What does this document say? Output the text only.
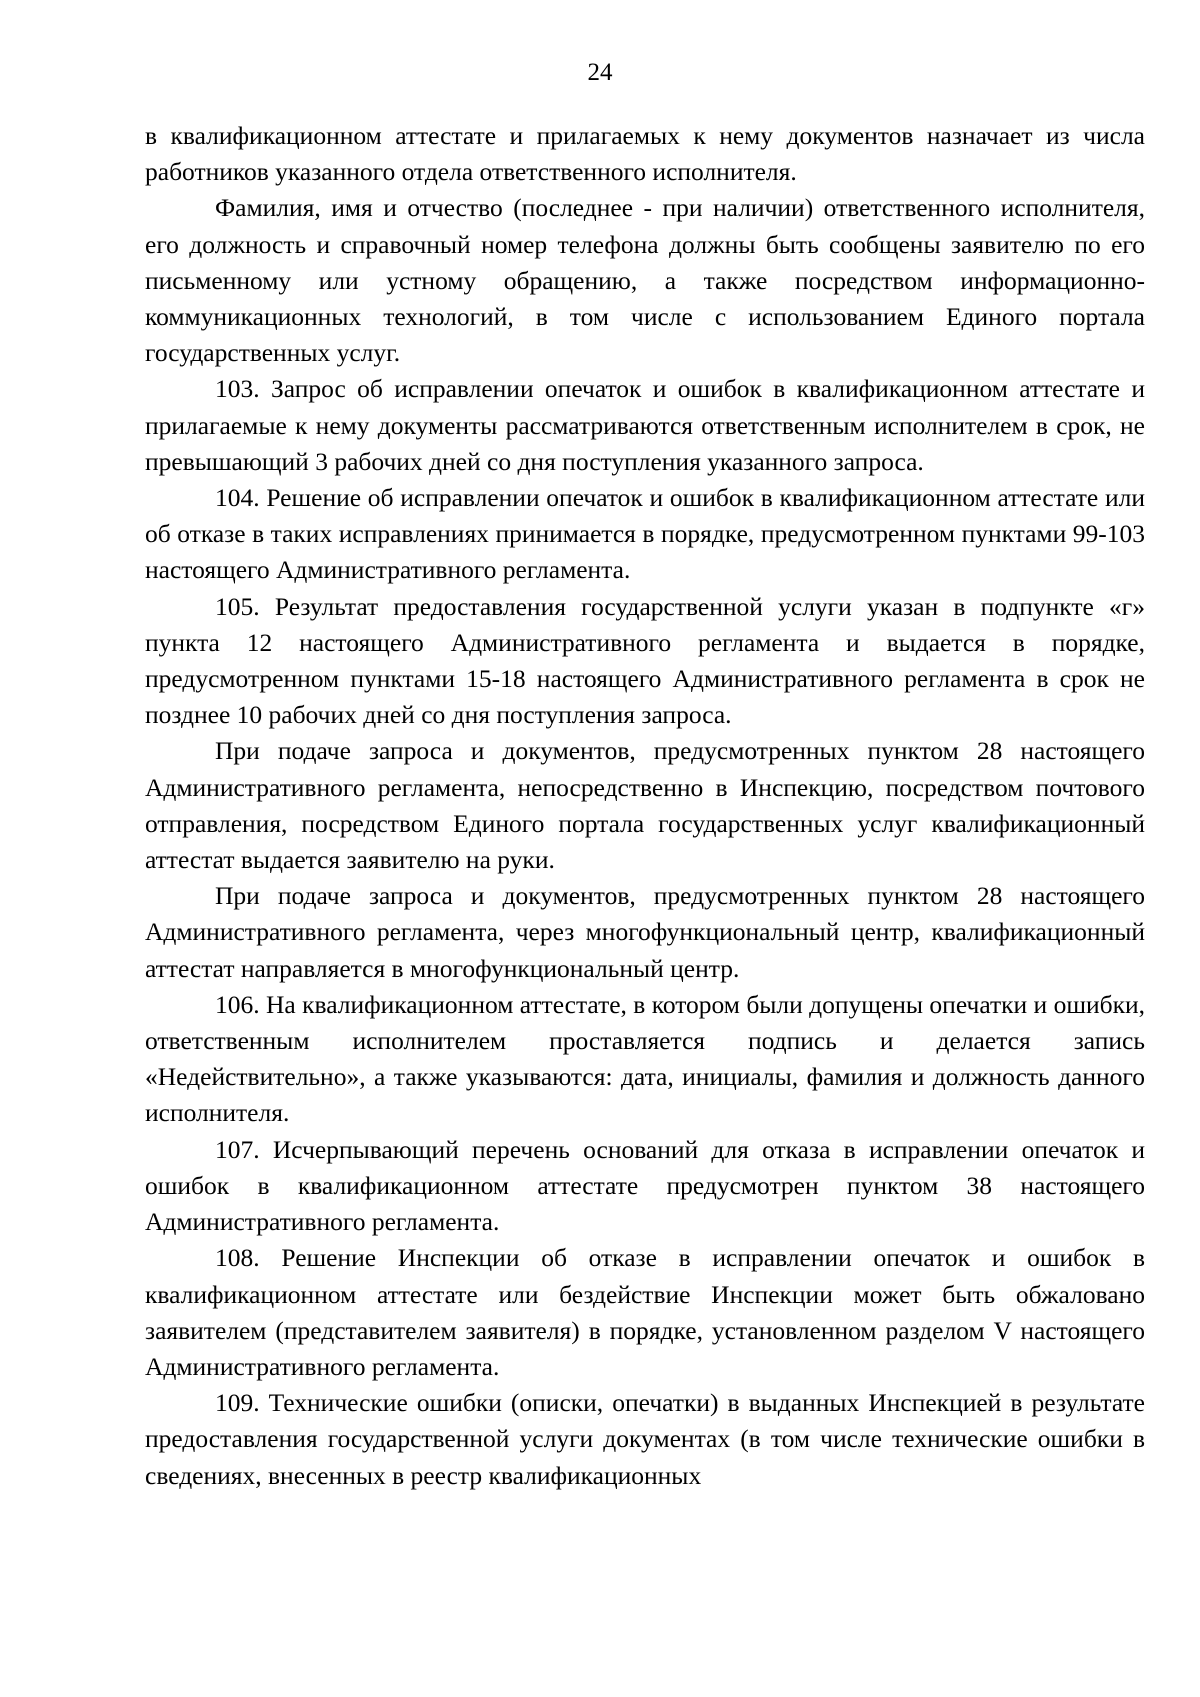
24

в квалификационном аттестате и прилагаемых к нему документов назначает из числа работников указанного отдела ответственного исполнителя.

Фамилия, имя и отчество (последнее - при наличии) ответственного исполнителя, его должность и справочный номер телефона должны быть сообщены заявителю по его письменному или устному обращению, а также посредством информационно-коммуникационных технологий, в том числе с использованием Единого портала государственных услуг.

103. Запрос об исправлении опечаток и ошибок в квалификационном аттестате и прилагаемые к нему документы рассматриваются ответственным исполнителем в срок, не превышающий 3 рабочих дней со дня поступления указанного запроса.

104. Решение об исправлении опечаток и ошибок в квалификационном аттестате или об отказе в таких исправлениях принимается в порядке, предусмотренном пунктами 99-103 настоящего Административного регламента.

105. Результат предоставления государственной услуги указан в подпункте «г» пункта 12 настоящего Административного регламента и выдается в порядке, предусмотренном пунктами 15-18 настоящего Административного регламента в срок не позднее 10 рабочих дней со дня поступления запроса.

При подаче запроса и документов, предусмотренных пунктом 28 настоящего Административного регламента, непосредственно в Инспекцию, посредством почтового отправления, посредством Единого портала государственных услуг квалификационный аттестат выдается заявителю на руки.

При подаче запроса и документов, предусмотренных пунктом 28 настоящего Административного регламента, через многофункциональный центр, квалификационный аттестат направляется в многофункциональный центр.

106. На квалификационном аттестате, в котором были допущены опечатки и ошибки, ответственным исполнителем проставляется подпись и делается запись «Недействительно», а также указываются: дата, инициалы, фамилия и должность данного исполнителя.

107. Исчерпывающий перечень оснований для отказа в исправлении опечаток и ошибок в квалификационном аттестате предусмотрен пунктом 38 настоящего Административного регламента.

108. Решение Инспекции об отказе в исправлении опечаток и ошибок в квалификационном аттестате или бездействие Инспекции может быть обжаловано заявителем (представителем заявителя) в порядке, установленном разделом V настоящего Административного регламента.

109. Технические ошибки (описки, опечатки) в выданных Инспекцией в результате предоставления государственной услуги документах (в том числе технические ошибки в сведениях, внесенных в реестр квалификационных
